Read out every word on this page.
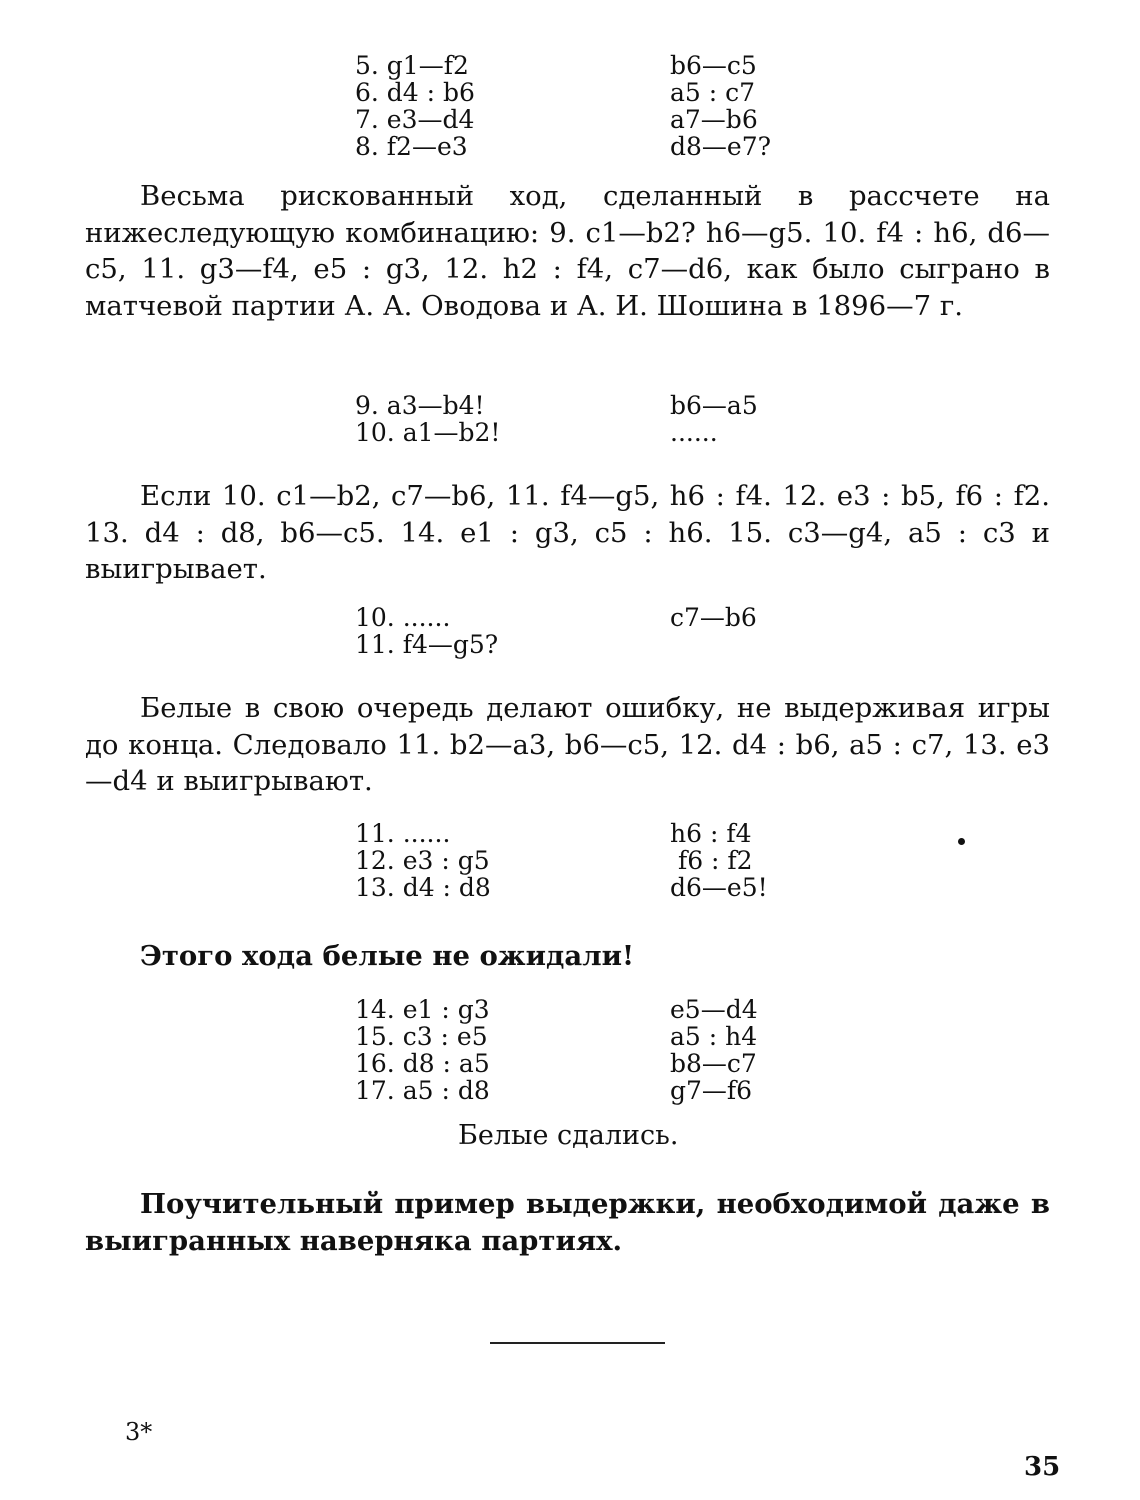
5. g1—f2	b6—c5
6. d4 : b6	a5 : c7
7. e3—d4	a7—b6
8. f2—e3	d8—e7?

Весьма рискованный ход, сделанный в рассчете на нижеследующую комбинацию: 9. c1—b2? h6—g5. 10. f4 : h6, d6—c5, 11. g3—f4, e5 : g3, 12. h2 : f4, c7—d6, как было сыграно в матчевой партии А. А. Оводова и А. И. Шошина в 1896—7 г.

9. a3—b4!	b6—a5
10. a1—b2!	......

Если 10. c1—b2, c7—b6, 11. f4—g5, h6 : f4. 12. e3 : b5, f6 : f2. 13. d4 : d8, b6—c5. 14. e1 : g3, c5 : h6. 15. c3—g4, a5 : c3 и выигрывает.

10. ......	c7—b6
11. f4—g5?

Белые в свою очередь делают ошибку, не выдерживая игры до конца. Следовало 11. b2—a3, b6—c5, 12. d4 : b6, a5 : c7, 13. e3—d4 и выигрывают.

11. ......	h6 : f4
12. e3 : g5	f6 : f2
13. d4 : d8	d6—e5!

Этого хода белые не ожидали!

14. e1 : g3	e5—d4
15. c3 : e5	a5 : h4
16. d8 : a5	b8—c7
17. a5 : d8	g7—f6
Белые сдались.

Поучительный пример выдержки, необходимой даже в выигранных наверняка партиях.

3*
35
